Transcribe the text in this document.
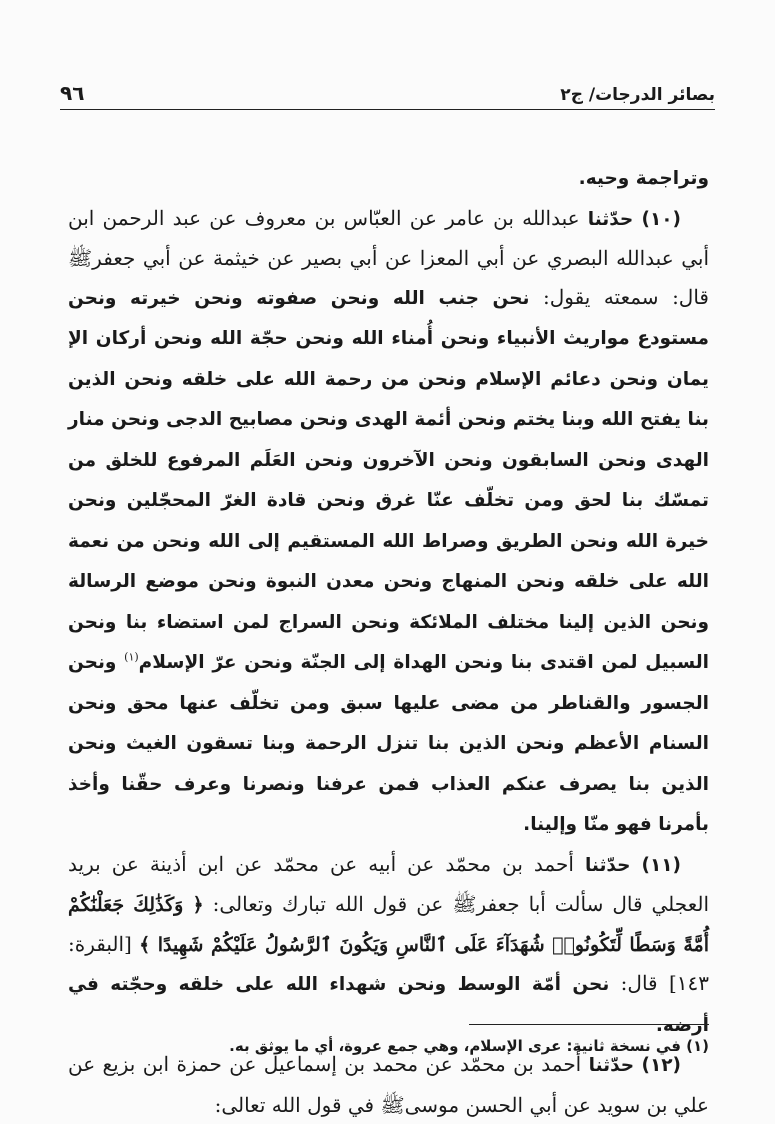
بصائر الدرجات/ ج٢
٩٦

وتراجمة وحيه.

(١٠) حدّثنا عبدالله بن عامر عن العبّاس بن معروف عن عبد الرحمن ابن أبي عبدالله البصري عن أبي المعزا عن أبي بصير عن خيثمة عن أبي جعفرﷺ قال: سمعته يقول: نحن جنب الله ونحن صفوته ونحن خيرته ونحن مستودع مواريث الأنبياء ونحن أُمناء الله ونحن حجّة الله ونحن أركان الإ يمان ونحن دعائم الإسلام ونحن من رحمة الله على خلقه ونحن الذين بنا يفتح الله وبنا يختم ونحن أئمة الهدى ونحن مصابيح الدجى ونحن منار الهدى ونحن السابقون ونحن الآخرون ونحن العَلَم المرفوع للخلق من تمسّك بنا لحق ومن تخلّف عنّا غرق ونحن قادة الغرّ المحجّلين ونحن خيرة الله ونحن الطريق وصراط الله المستقيم إلى الله ونحن من نعمة الله على خلقه ونحن المنهاج ونحن معدن النبوة ونحن موضع الرسالة ونحن الذين إلينا مختلف الملائكة ونحن السراج لمن استضاء بنا ونحن السبيل لمن اقتدى بنا ونحن الهداة إلى الجنّة ونحن عرّ الإسلام$^{(١)}$ ونحن الجسور والقناطر من مضى عليها سبق ومن تخلّف عنها محق ونحن السنام الأعظم ونحن الذين بنا تنزل الرحمة وبنا تسقون الغيث ونحن الذين بنا يصرف عنكم العذاب فمن عرفنا ونصرنا وعرف حقّنا وأخذ بأمرنا فهو منّا وإلينا.

(١١) حدّثنا أحمد بن محمّد عن أبيه عن محمّد عن ابن أذينة عن بريد العجلي قال سألت أبا جعفرﷺ عن قول الله تبارك وتعالى: ﴿ وَكَذَٰلِكَ جَعَلْنَٰكُمْ أُمَّةً وَسَطًا لِّتَكُونُوا۟ شُهَدَآءَ عَلَى ٱلنَّاسِ وَيَكُونَ ٱلرَّسُولُ عَلَيْكُمْ شَهِيدًا ﴾ [البقرة: ١٤٣] قال: نحن أمّة الوسط ونحن شهداء الله على خلقه وحجّته في أرضه.

(١٢) حدّثنا أحمد بن محمّد عن محمد بن إسماعيل عن حمزة ابن بزيع عن علي بن سويد عن أبي الحسن موسىﷺ في قول الله تعالى:

(١) في نسخة ثانية: عرى الإسلام، وهي جمع عروة، أي ما يوثق به.
